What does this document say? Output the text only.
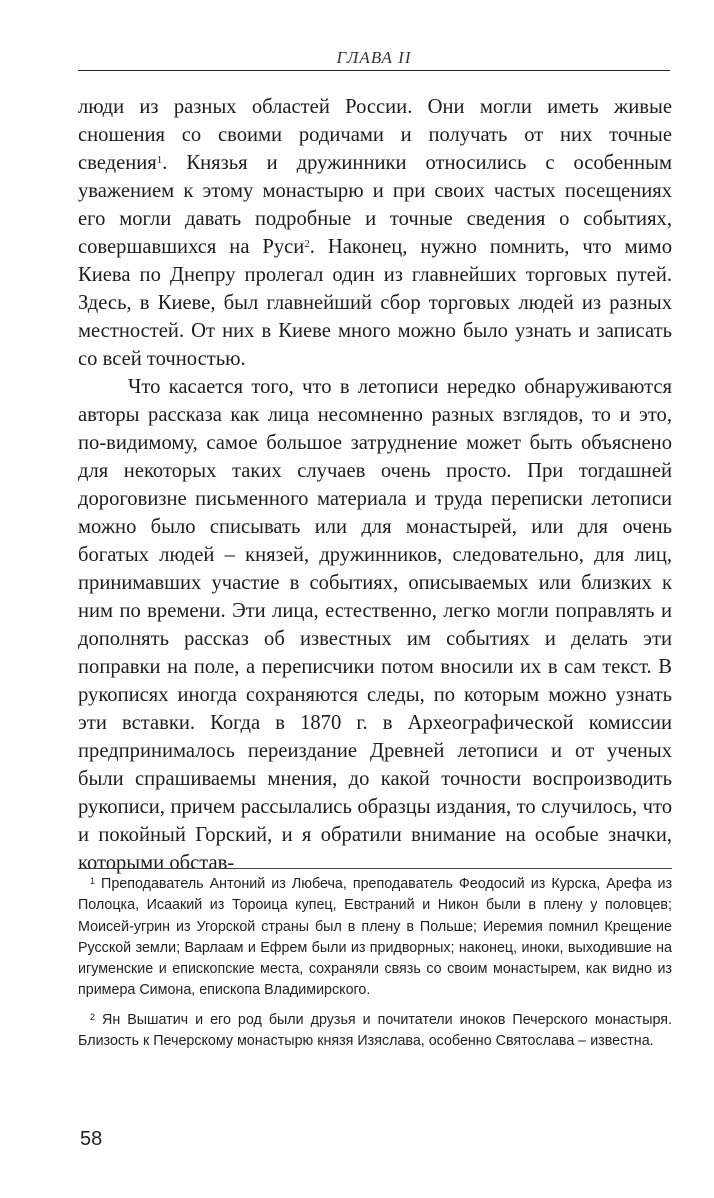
ГЛАВА II

люди из разных областей России. Они могли иметь живые сношения со своими родичами и получать от них точные сведения$^1$. Князья и дружинники относились с особенным уважением к этому монастырю и при своих частых посещениях его могли давать подробные и точные сведения о событиях, совершавшихся на Руси$^2$. Наконец, нужно помнить, что мимо Киева по Днепру пролегал один из главнейших торговых путей. Здесь, в Киеве, был главнейший сбор торговых людей из разных местностей. От них в Киеве много можно было узнать и записать со всей точностью.

Что касается того, что в летописи нередко обнаруживаются авторы рассказа как лица несомненно разных взглядов, то и это, по-видимому, самое большое затруднение может быть объяснено для некоторых таких случаев очень просто. При тогдашней дороговизне письменного материала и труда переписки летописи можно было списывать или для монастырей, или для очень богатых людей – князей, дружинников, следовательно, для лиц, принимавших участие в событиях, описываемых или близких к ним по времени. Эти лица, естественно, легко могли поправлять и дополнять рассказ об известных им событиях и делать эти поправки на поле, а переписчики потом вносили их в сам текст. В рукописях иногда сохраняются следы, по которым можно узнать эти вставки. Когда в 1870 г. в Археографической комиссии предпринималось переиздание Древней летописи и от ученых были спрашиваемы мнения, до какой точности воспроизводить рукописи, причем рассылались образцы издания, то случилось, что и покойный Горский, и я обратили внимание на особые значки, которыми обстав-

$^1$ Преподаватель Антоний из Любеча, преподаватель Феодосий из Курска, Арефа из Полоцка, Исаакий из Тороица купец, Евстраний и Никон были в плену у половцев; Моисей-угрин из Угорской страны был в плену в Польше; Иеремия помнил Крещение Русской земли; Варлаам и Ефрем были из придворных; наконец, иноки, выходившие на игуменские и епископские места, сохраняли связь со своим монастырем, как видно из примера Симона, епископа Владимирского.

$^2$ Ян Вышатич и его род были друзья и почитатели иноков Печерского монастыря. Близость к Печерскому монастырю князя Изяслава, особенно Святослава – известна.

58
